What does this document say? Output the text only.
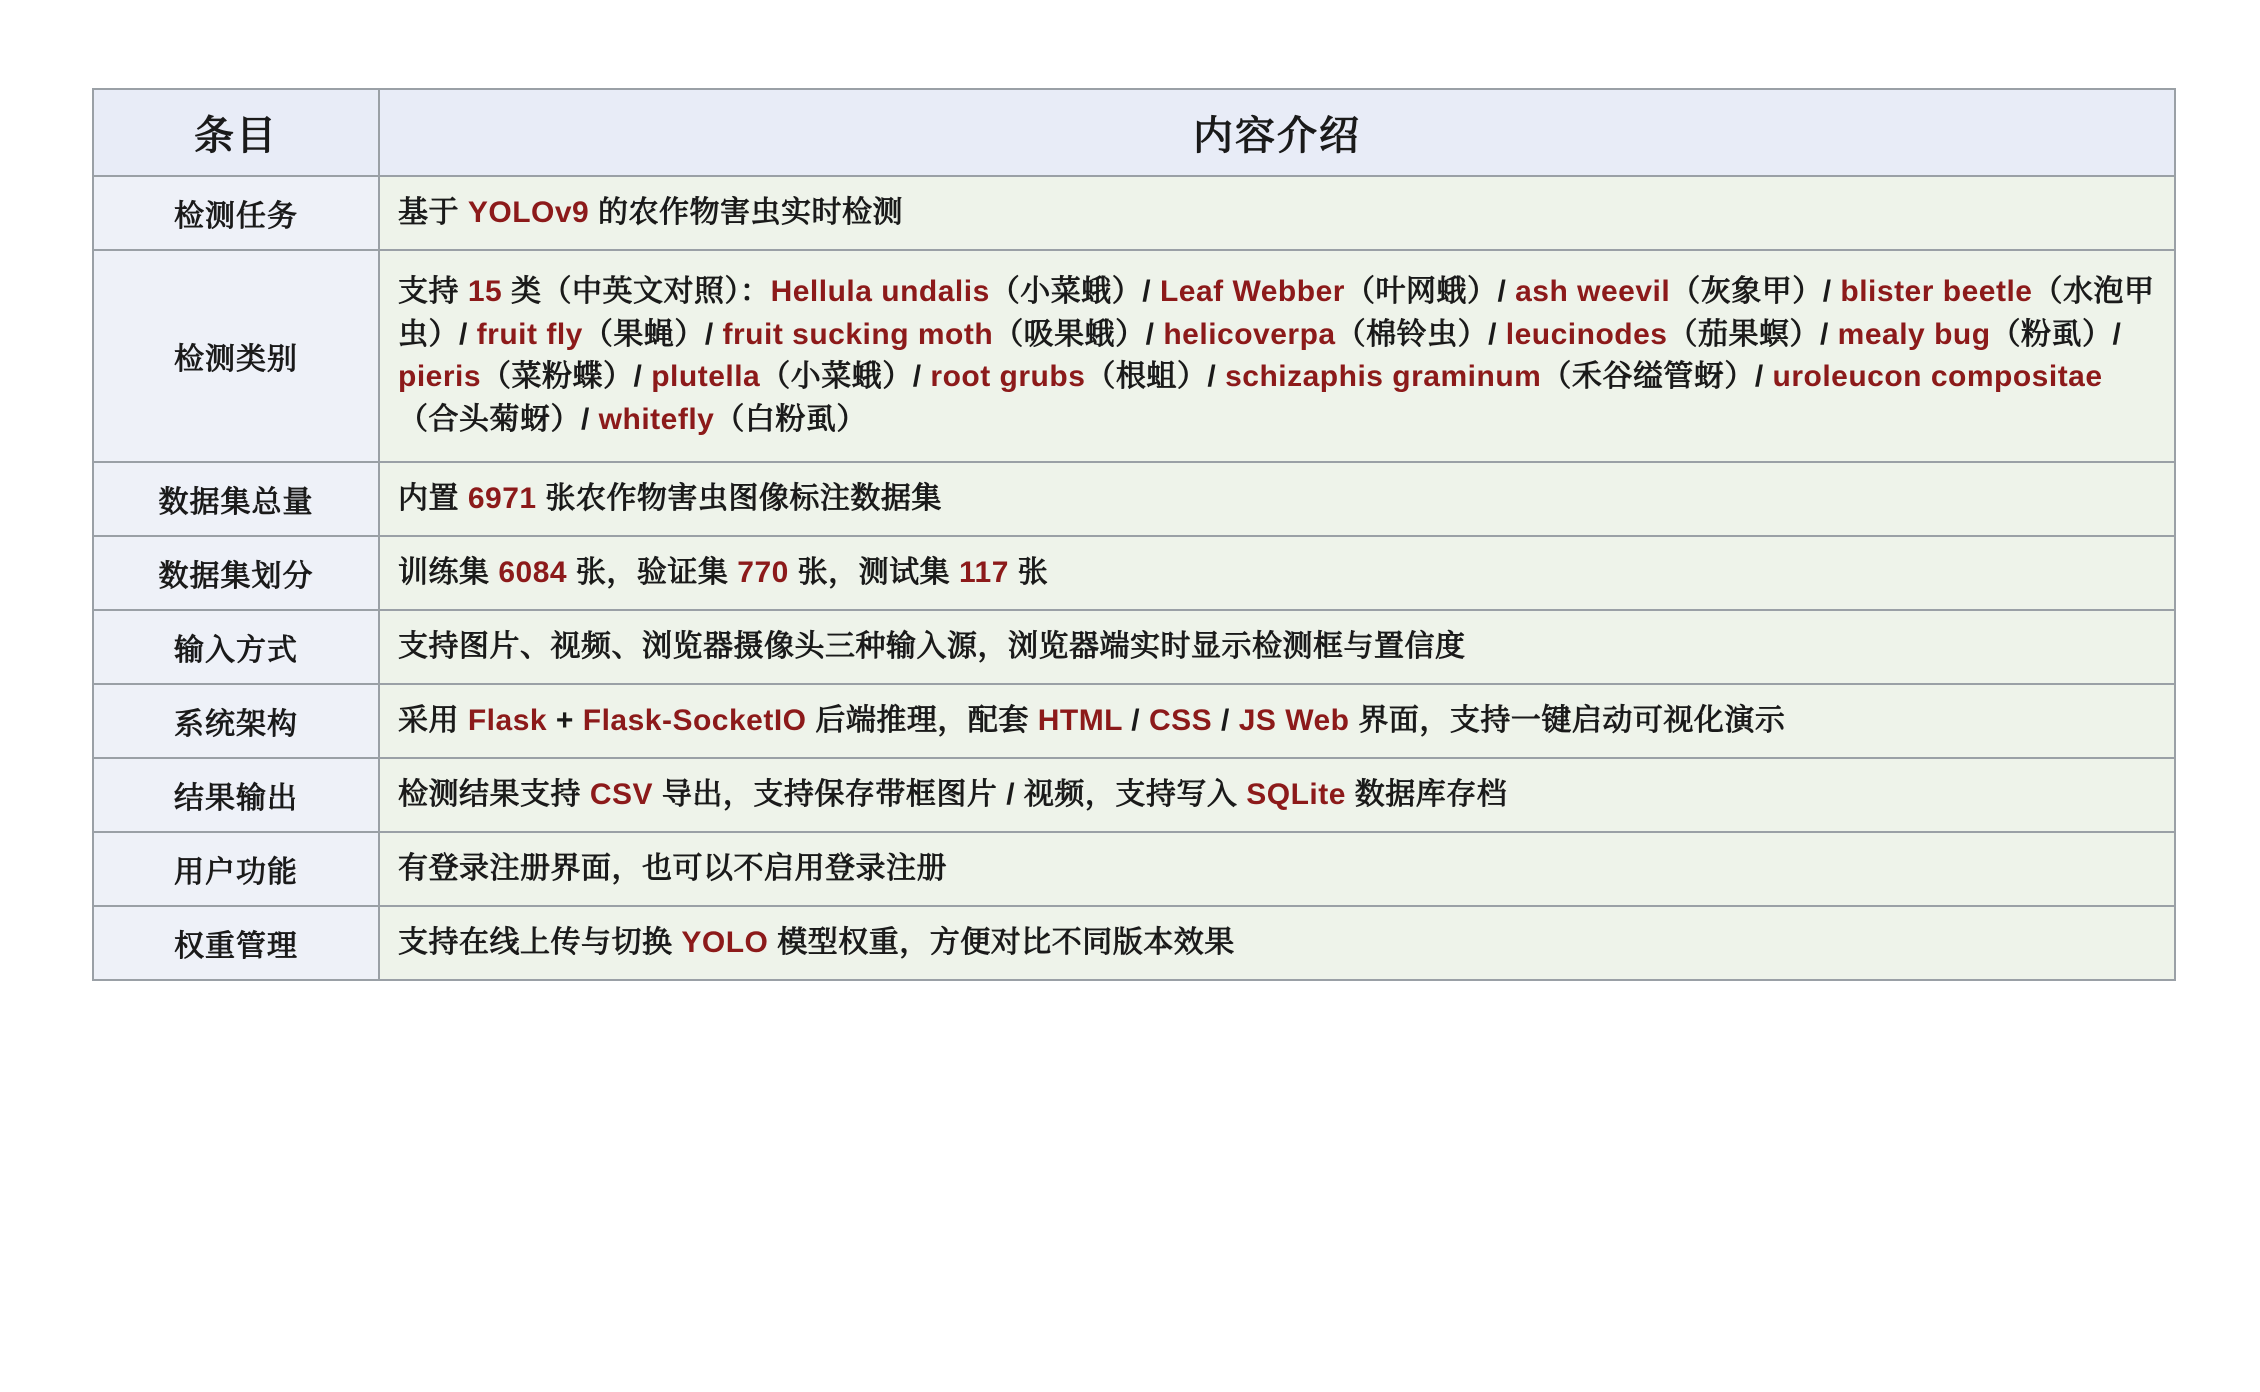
条目	内容介绍
检测任务	基于 YOLOv9 的农作物害虫实时检测
检测类别	支持 15 类（中英文对照）：Hellula undalis（小菜蛾）/ Leaf Webber（叶网蛾）/ ash weevil（灰象甲）/ blister beetle（水泡甲虫）/ fruit fly（果蝇）/ fruit sucking moth（吸果蛾）/ helicoverpa（棉铃虫）/ leucinodes（茄果螟）/ mealy bug（粉虱）/ pieris（菜粉蝶）/ plutella（小菜蛾）/ root grubs（根蛆）/ schizaphis graminum（禾谷缢管蚜）/ uroleucon compositae（合头菊蚜）/ whitefly（白粉虱）
数据集总量	内置 6971 张农作物害虫图像标注数据集
数据集划分	训练集 6084 张，验证集 770 张，测试集 117 张
输入方式	支持图片、视频、浏览器摄像头三种输入源，浏览器端实时显示检测框与置信度
系统架构	采用 Flask + Flask-SocketIO 后端推理，配套 HTML / CSS / JS Web 界面，支持一键启动可视化演示
结果输出	检测结果支持 CSV 导出，支持保存带框图片 / 视频，支持写入 SQLite 数据库存档
用户功能	有登录注册界面，也可以不启用登录注册
权重管理	支持在线上传与切换 YOLO 模型权重，方便对比不同版本效果
